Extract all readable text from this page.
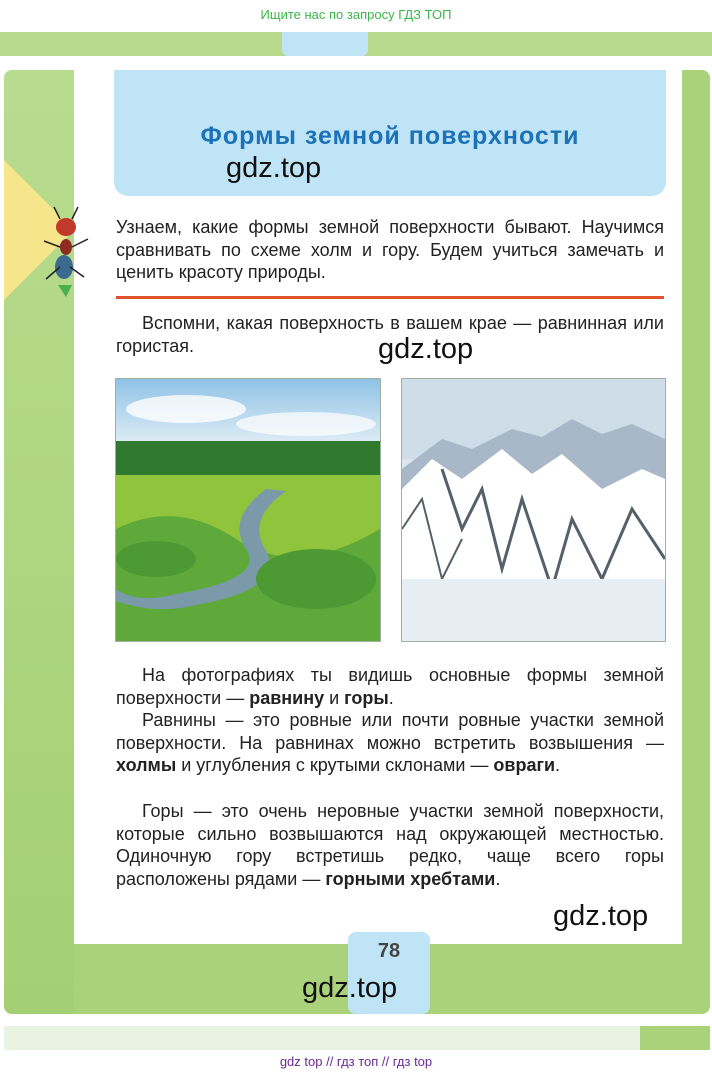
Ищите нас по запросу ГДЗ ТОП
Формы земной поверхности
gdz.top
Узнаем, какие формы земной поверхности бывают. Научимся сравнивать по схеме холм и гору. Будем учиться замечать и ценить красоту природы.
Вспомни, какая поверхность в вашем крае — равнинная или гористая.	gdz.top
На фотографиях ты видишь основные формы земной поверхности — равнину и горы.
Равнины — это ровные или почти ровные участки земной поверхности. На равнинах можно встретить возвышения — холмы и углубления с крутыми склонами — овраги.
Горы — это очень неровные участки земной поверхности, которые сильно возвышаются над окружающей местностью. Одиночную гору встретишь редко, чаще всего горы расположены рядами — горными хребтами.
gdz.top
78
gdz.top
gdz top // гдз топ // гдз top
